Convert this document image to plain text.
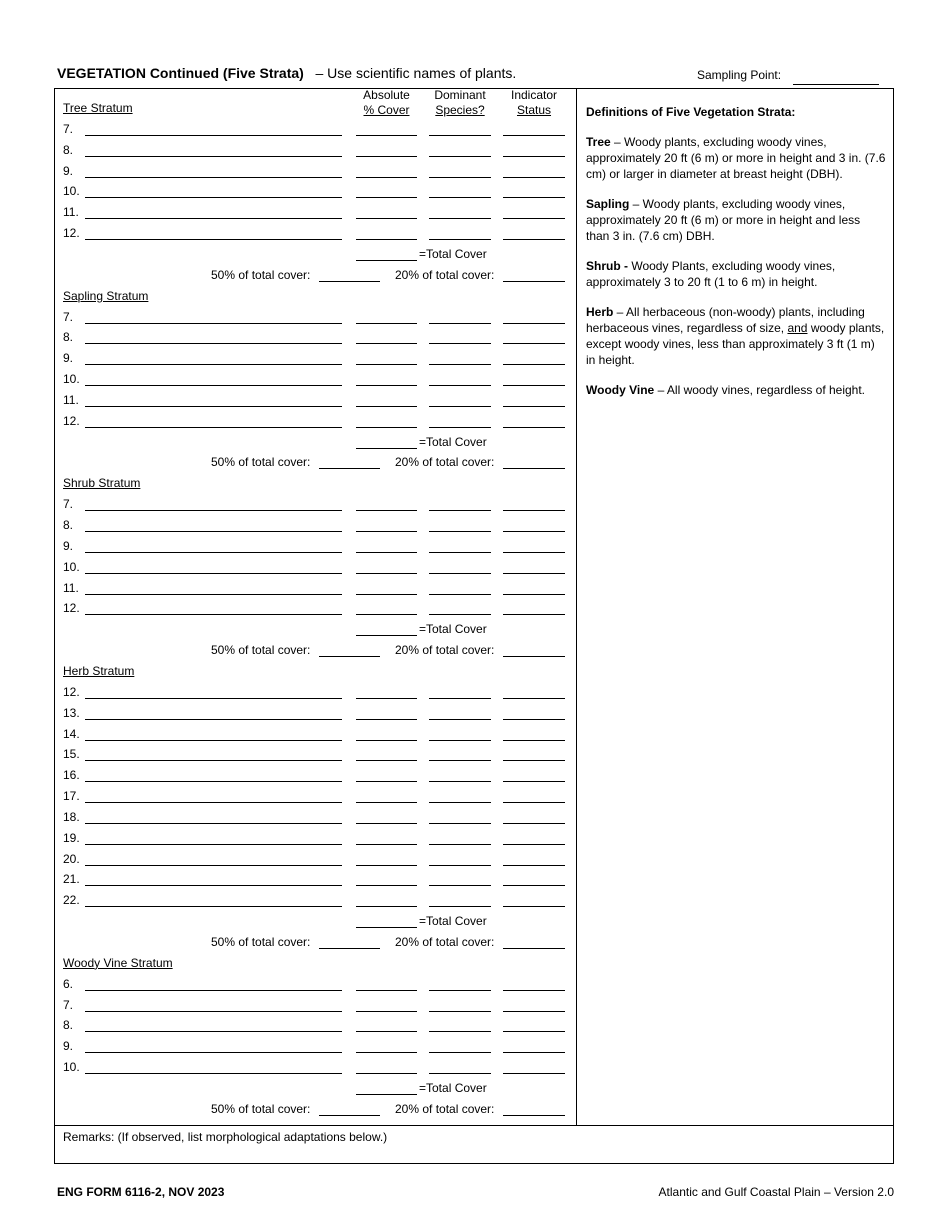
VEGETATION Continued (Five Strata) – Use scientific names of plants.	Sampling Point:
Absolute
% Cover
Dominant
Species?
Indicator
Status
Tree Stratum
7.
8.
9.
10.
11.
12.
=Total Cover
50% of total cover:	20% of total cover:
Sapling Stratum
7.
8.
9.
10.
11.
12.
=Total Cover
50% of total cover:	20% of total cover:
Shrub Stratum
7.
8.
9.
10.
11.
12.
=Total Cover
50% of total cover:	20% of total cover:
Herb Stratum
12.
13.
14.
15.
16.
17.
18.
19.
20.
21.
22.
=Total Cover
50% of total cover:	20% of total cover:
Woody Vine Stratum
6.
7.
8.
9.
10.
=Total Cover
50% of total cover:	20% of total cover:
Definitions of Five Vegetation Strata:

Tree – Woody plants, excluding woody vines, approximately 20 ft (6 m) or more in height and 3 in. (7.6 cm) or larger in diameter at breast height (DBH).

Sapling – Woody plants, excluding woody vines, approximately 20 ft (6 m) or more in height and less than 3 in. (7.6 cm) DBH.

Shrub - Woody Plants, excluding woody vines, approximately 3 to 20 ft (1 to 6 m) in height.

Herb – All herbaceous (non-woody) plants, including herbaceous vines, regardless of size, and woody plants, except woody vines, less than approximately 3 ft (1 m) in height.

Woody Vine – All woody vines, regardless of height.

Remarks: (If observed, list morphological adaptations below.)
ENG FORM 6116-2, NOV 2023	Atlantic and Gulf Coastal Plain – Version 2.0
